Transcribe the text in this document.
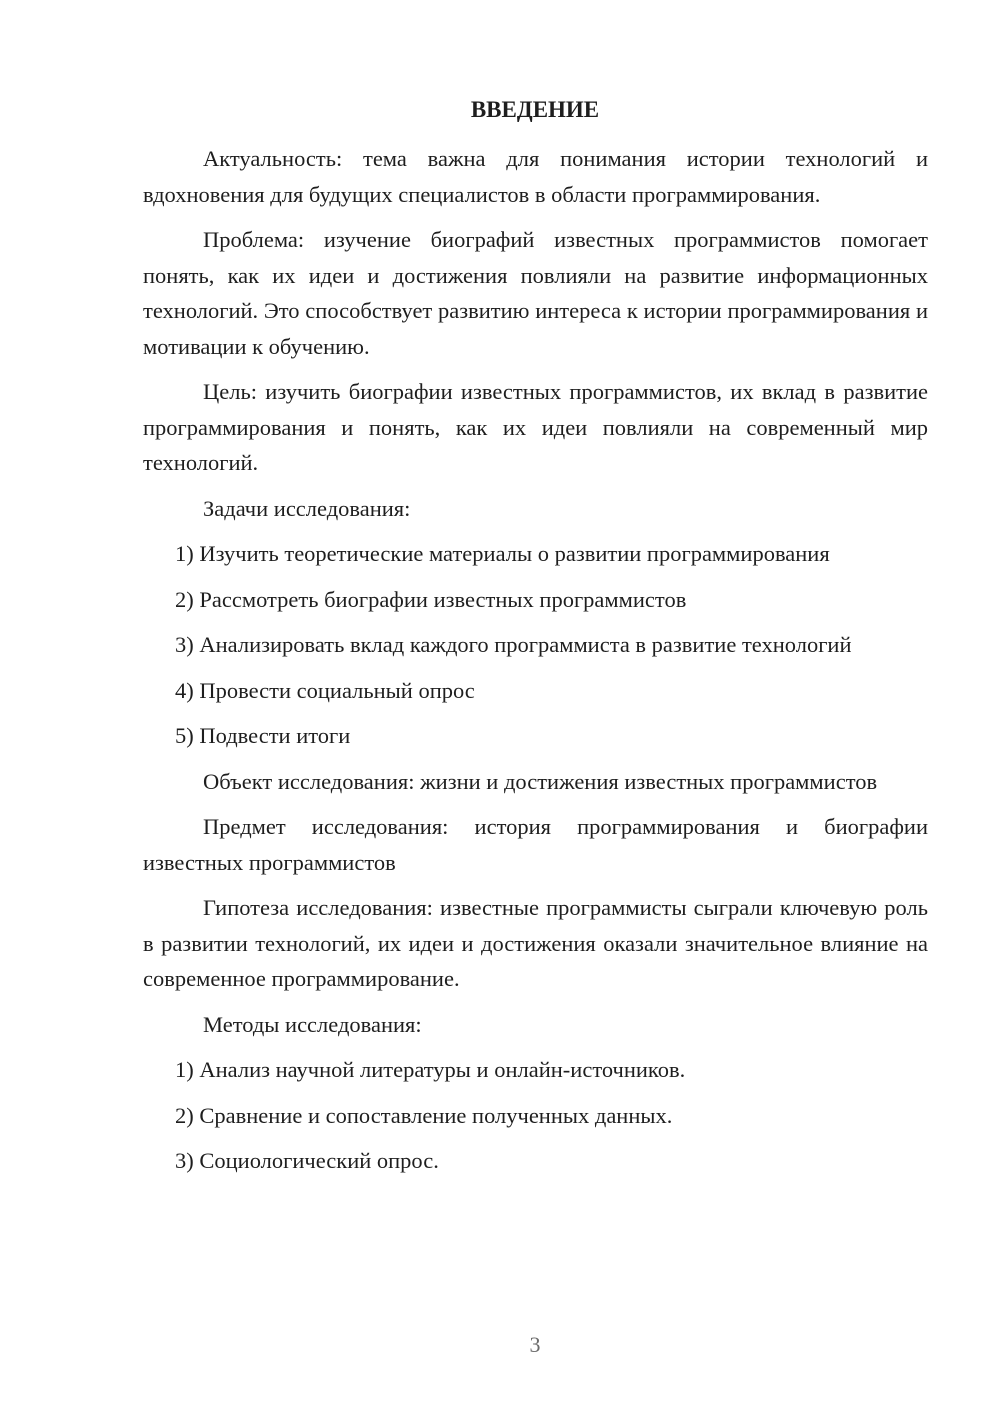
ВВЕДЕНИЕ

Актуальность: тема важна для понимания истории технологий и вдохновения для будущих специалистов в области программирования.

Проблема: изучение биографий известных программистов помогает понять, как их идеи и достижения повлияли на развитие информационных технологий. Это способствует развитию интереса к истории программирования и мотивации к обучению.

Цель: изучить биографии известных программистов, их вклад в развитие программирования и понять, как их идеи повлияли на современный мир технологий.

Задачи исследования:

1) Изучить теоретические материалы о развитии программирования

2) Рассмотреть биографии известных программистов

3) Анализировать вклад каждого программиста в развитие технологий

4) Провести социальный опрос

5) Подвести итоги

Объект исследования: жизни и достижения известных программистов

Предмет исследования: история программирования и биографии известных программистов

Гипотеза исследования: известные программисты сыграли ключевую роль в развитии технологий, их идеи и достижения оказали значительное влияние на современное программирование.

Методы исследования:

1) Анализ научной литературы и онлайн-источников.

2) Сравнение и сопоставление полученных данных.

3) Социологический опрос.

3
